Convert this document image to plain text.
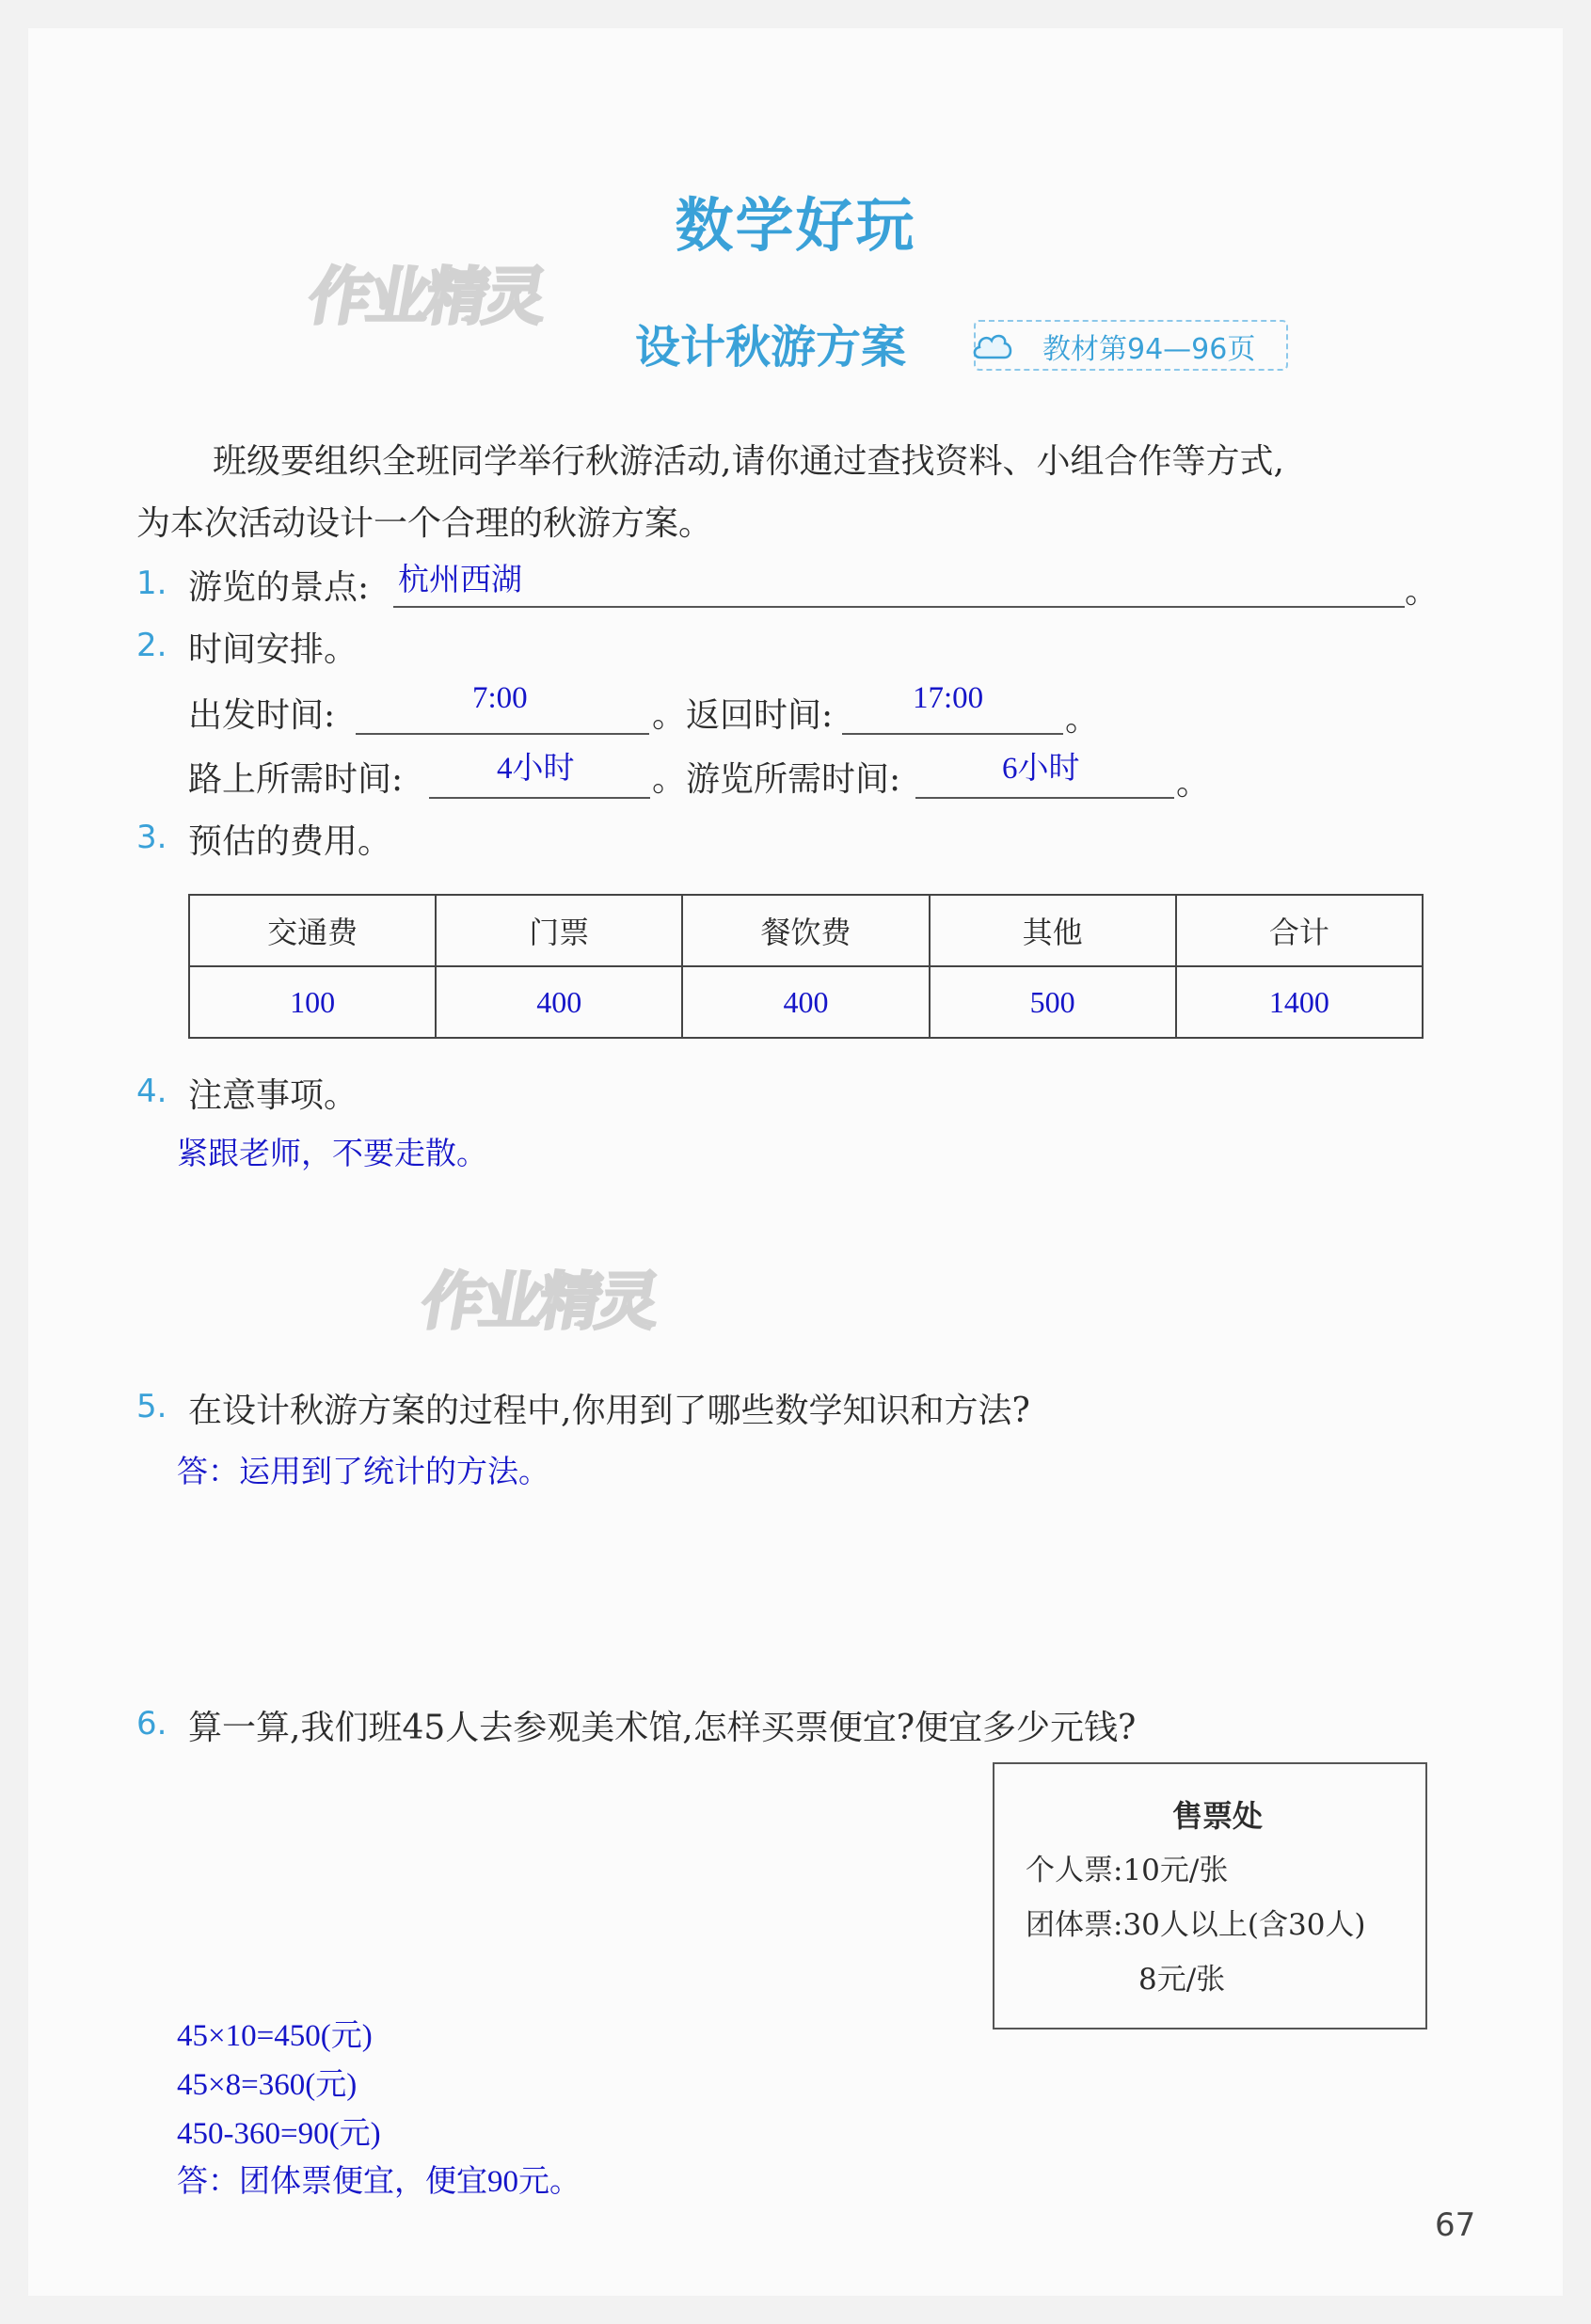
数学好玩
作业精灵
设计秋游方案	教材第94—96页
班级要组织全班同学举行秋游活动,请你通过查找资料、小组合作等方式,
为本次活动设计一个合理的秋游方案。
1. 游览的景点: 杭州西湖	。
2. 时间安排。
出发时间:	7:00	。返回时间:	17:00
。
路上所需时间:	4小时 。游览所需时间:	6小时	。
3. 预估的费用。
交通费	门票	餐饮费	其他	合计
100	400	400	500	1400
4. 注意事项。
紧跟老师，不要走散。
作业精灵
5. 在设计秋游方案的过程中,你用到了哪些数学知识和方法?
答：运用到了统计的方法。
6. 算一算,我们班45人去参观美术馆,怎样买票便宜?便宜多少元钱?
售票处
个人票:10元/张
团体票:30人以上(含30人)
8元/张
45×10=450(元)
45×8=360(元)
450-360=90(元)
答：团体票便宜，便宜90元。
67
